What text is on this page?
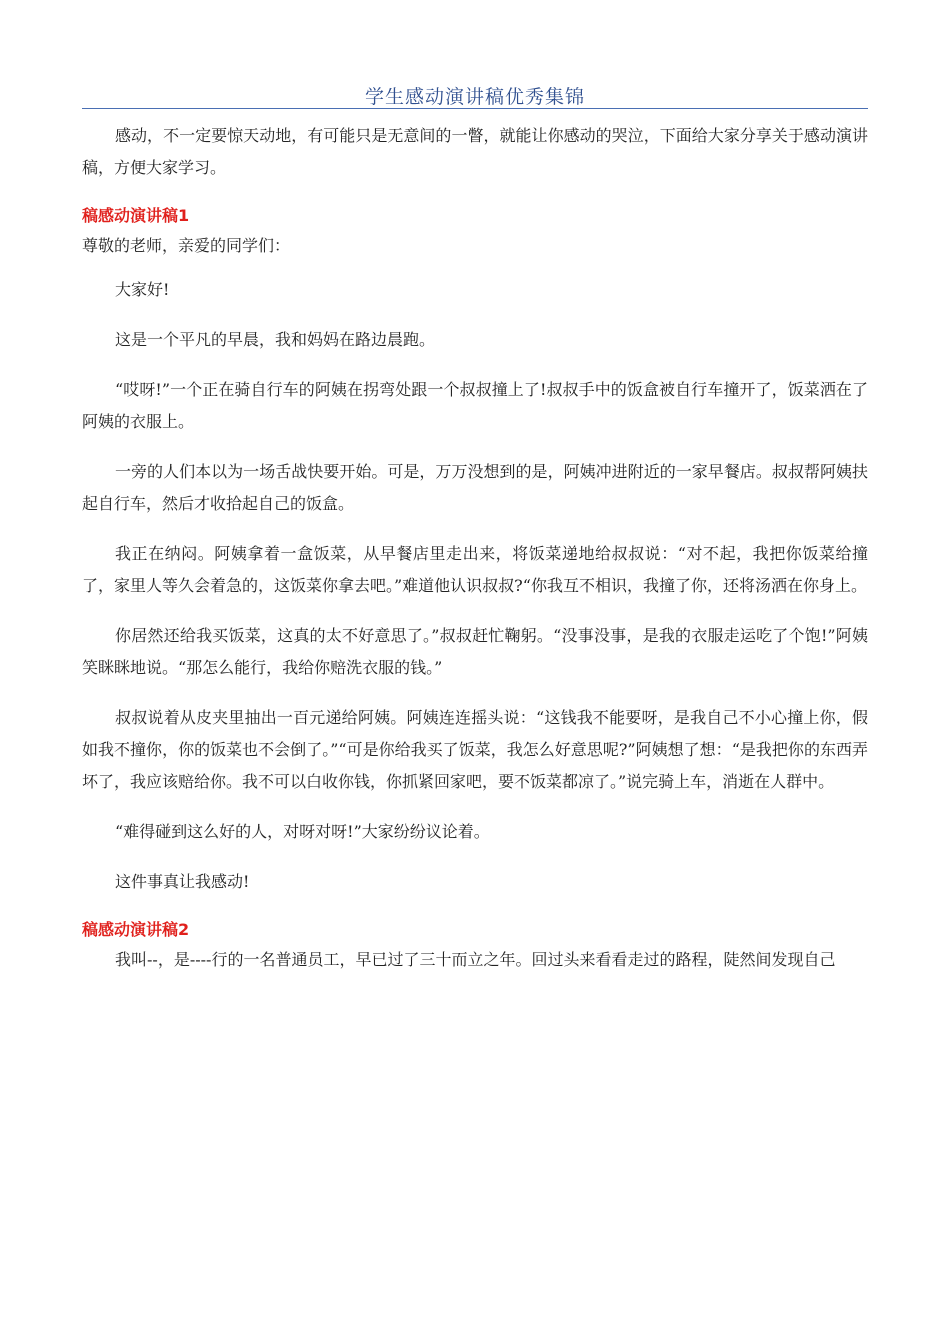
学生感动演讲稿优秀集锦

感动，不一定要惊天动地，有可能只是无意间的一瞥，就能让你感动的哭泣，下面给大家分享关于感动演讲稿，方便大家学习。

稿感动演讲稿1

尊敬的老师，亲爱的同学们：

大家好!

这是一个平凡的早晨，我和妈妈在路边晨跑。

“哎呀!”一个正在骑自行车的阿姨在拐弯处跟一个叔叔撞上了!叔叔手中的饭盒被自行车撞开了，饭菜洒在了阿姨的衣服上。

一旁的人们本以为一场舌战快要开始。可是，万万没想到的是，阿姨冲进附近的一家早餐店。叔叔帮阿姨扶起自行车，然后才收拾起自己的饭盒。

我正在纳闷。阿姨拿着一盒饭菜，从早餐店里走出来，将饭菜递地给叔叔说：“对不起，我把你饭菜给撞了，家里人等久会着急的，这饭菜你拿去吧。”难道他认识叔叔?“你我互不相识，我撞了你，还将汤洒在你身上。

你居然还给我买饭菜，这真的太不好意思了。”叔叔赶忙鞠躬。“没事没事，是我的衣服走运吃了个饱!”阿姨笑眯眯地说。“那怎么能行，我给你赔洗衣服的钱。”

叔叔说着从皮夹里抽出一百元递给阿姨。阿姨连连摇头说：“这钱我不能要呀，是我自己不小心撞上你，假如我不撞你，你的饭菜也不会倒了。”“可是你给我买了饭菜，我怎么好意思呢?”阿姨想了想：“是我把你的东西弄坏了，我应该赔给你。我不可以白收你钱，你抓紧回家吧，要不饭菜都凉了。”说完骑上车，消逝在人群中。

“难得碰到这么好的人，对呀对呀!”大家纷纷议论着。

这件事真让我感动!

稿感动演讲稿2

我叫--，是----行的一名普通员工，早已过了三十而立之年。回过头来看看走过的路程，陡然间发现自己
